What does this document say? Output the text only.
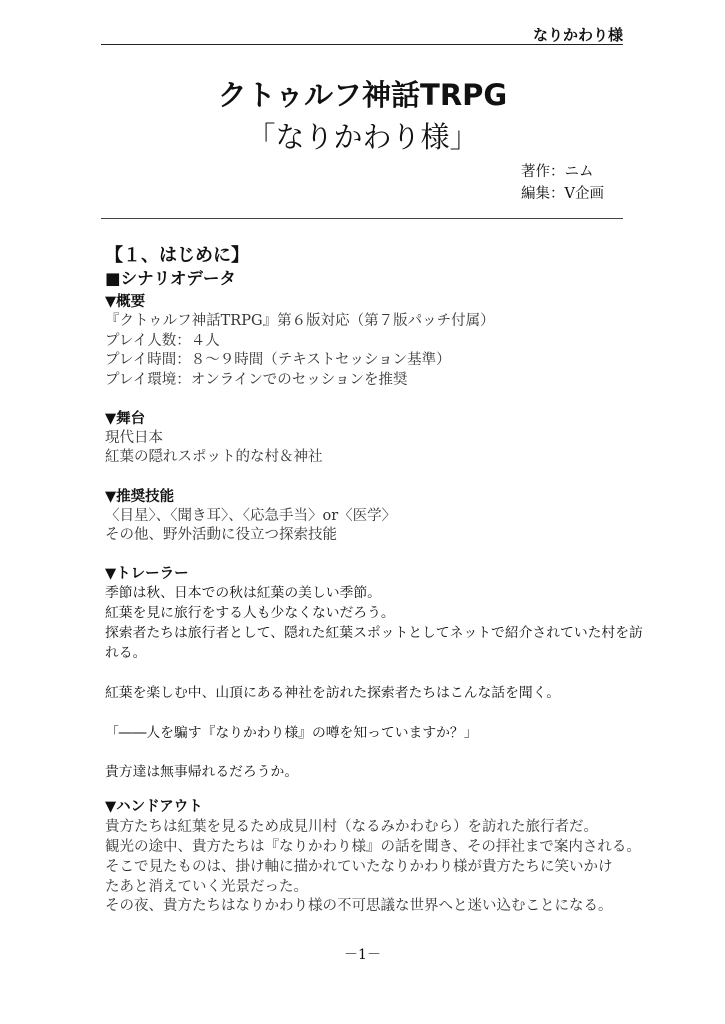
なりかわり様
クトゥルフ神話TRPG
「なりかわり様」
著作：ニム
編集：V企画
【１、はじめに】
■シナリオデータ
▼概要
『クトゥルフ神話TRPG』第６版対応（第７版パッチ付属）
プレイ人数：４人
プレイ時間：８～９時間（テキストセッション基準）
プレイ環境：オンラインでのセッションを推奨
▼舞台
現代日本
紅葉の隠れスポット的な村＆神社
▼推奨技能
〈目星〉、〈聞き耳〉、〈応急手当〉or〈医学〉
その他、野外活動に役立つ探索技能
▼トレーラー
季節は秋、日本での秋は紅葉の美しい季節。
紅葉を見に旅行をする人も少なくないだろう。
探索者たちは旅行者として、隠れた紅葉スポットとしてネットで紹介されていた村を訪
れる。
紅葉を楽しむ中、山頂にある神社を訪れた探索者たちはこんな話を聞く。
「――人を騙す『なりかわり様』の噂を知っていますか？」
貴方達は無事帰れるだろうか。
▼ハンドアウト
貴方たちは紅葉を見るため成見川村（なるみかわむら）を訪れた旅行者だ。
観光の途中、貴方たちは『なりかわり様』の話を聞き、その拝社まで案内される。
そこで見たものは、掛け軸に描かれていたなりかわり様が貴方たちに笑いかけ
たあと消えていく光景だった。
その夜、貴方たちはなりかわり様の不可思議な世界へと迷い込むことになる。
－1－
